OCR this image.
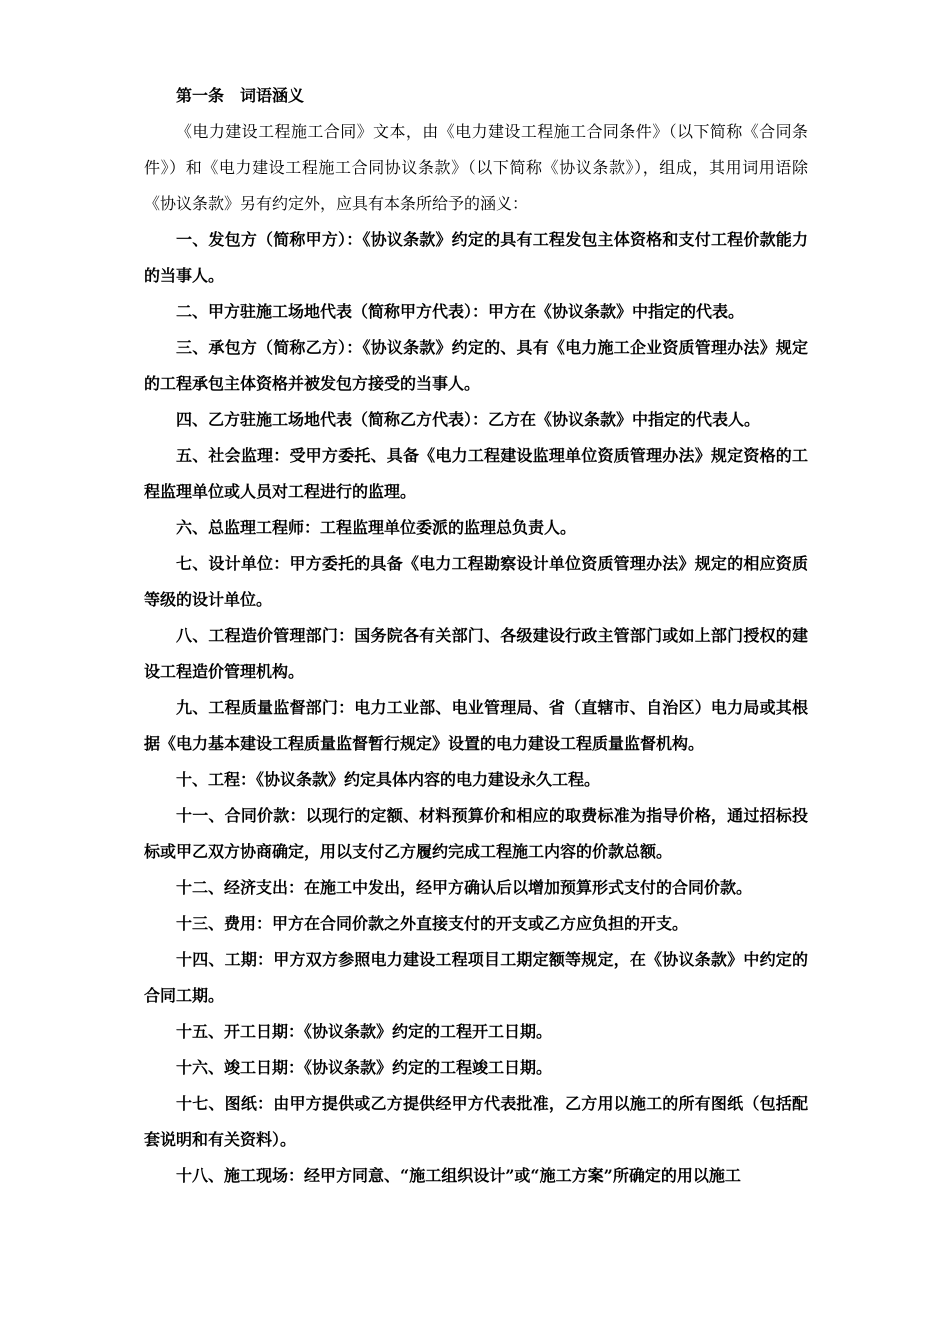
第一条　词语涵义

《电力建设工程施工合同》文本，由《电力建设工程施工合同条件》（以下简称《合同条件》）和《电力建设工程施工合同协议条款》（以下简称《协议条款》），组成，其用词用语除《协议条款》另有约定外，应具有本条所给予的涵义：

一、发包方（简称甲方）：《协议条款》约定的具有工程发包主体资格和支付工程价款能力的当事人。

二、甲方驻施工场地代表（简称甲方代表）：甲方在《协议条款》中指定的代表。

三、承包方（简称乙方）：《协议条款》约定的、具有《电力施工企业资质管理办法》规定的工程承包主体资格并被发包方接受的当事人。

四、乙方驻施工场地代表（简称乙方代表）：乙方在《协议条款》中指定的代表人。

五、社会监理：受甲方委托、具备《电力工程建设监理单位资质管理办法》规定资格的工程监理单位或人员对工程进行的监理。

六、总监理工程师：工程监理单位委派的监理总负责人。

七、设计单位：甲方委托的具备《电力工程勘察设计单位资质管理办法》规定的相应资质等级的设计单位。

八、工程造价管理部门：国务院各有关部门、各级建设行政主管部门或如上部门授权的建设工程造价管理机构。

九、工程质量监督部门：电力工业部、电业管理局、省（直辖市、自治区）电力局或其根据《电力基本建设工程质量监督暂行规定》设置的电力建设工程质量监督机构。

十、工程：《协议条款》约定具体内容的电力建设永久工程。

十一、合同价款：以现行的定额、材料预算价和相应的取费标准为指导价格，通过招标投标或甲乙双方协商确定，用以支付乙方履约完成工程施工内容的价款总额。

十二、经济支出：在施工中发出，经甲方确认后以增加预算形式支付的合同价款。

十三、费用：甲方在合同价款之外直接支付的开支或乙方应负担的开支。

十四、工期：甲方双方参照电力建设工程项目工期定额等规定，在《协议条款》中约定的合同工期。

十五、开工日期：《协议条款》约定的工程开工日期。

十六、竣工日期：《协议条款》约定的工程竣工日期。

十七、图纸：由甲方提供或乙方提供经甲方代表批准，乙方用以施工的所有图纸（包括配套说明和有关资料）。

十八、施工现场：经甲方同意、“施工组织设计”或“施工方案”所确定的用以施工
